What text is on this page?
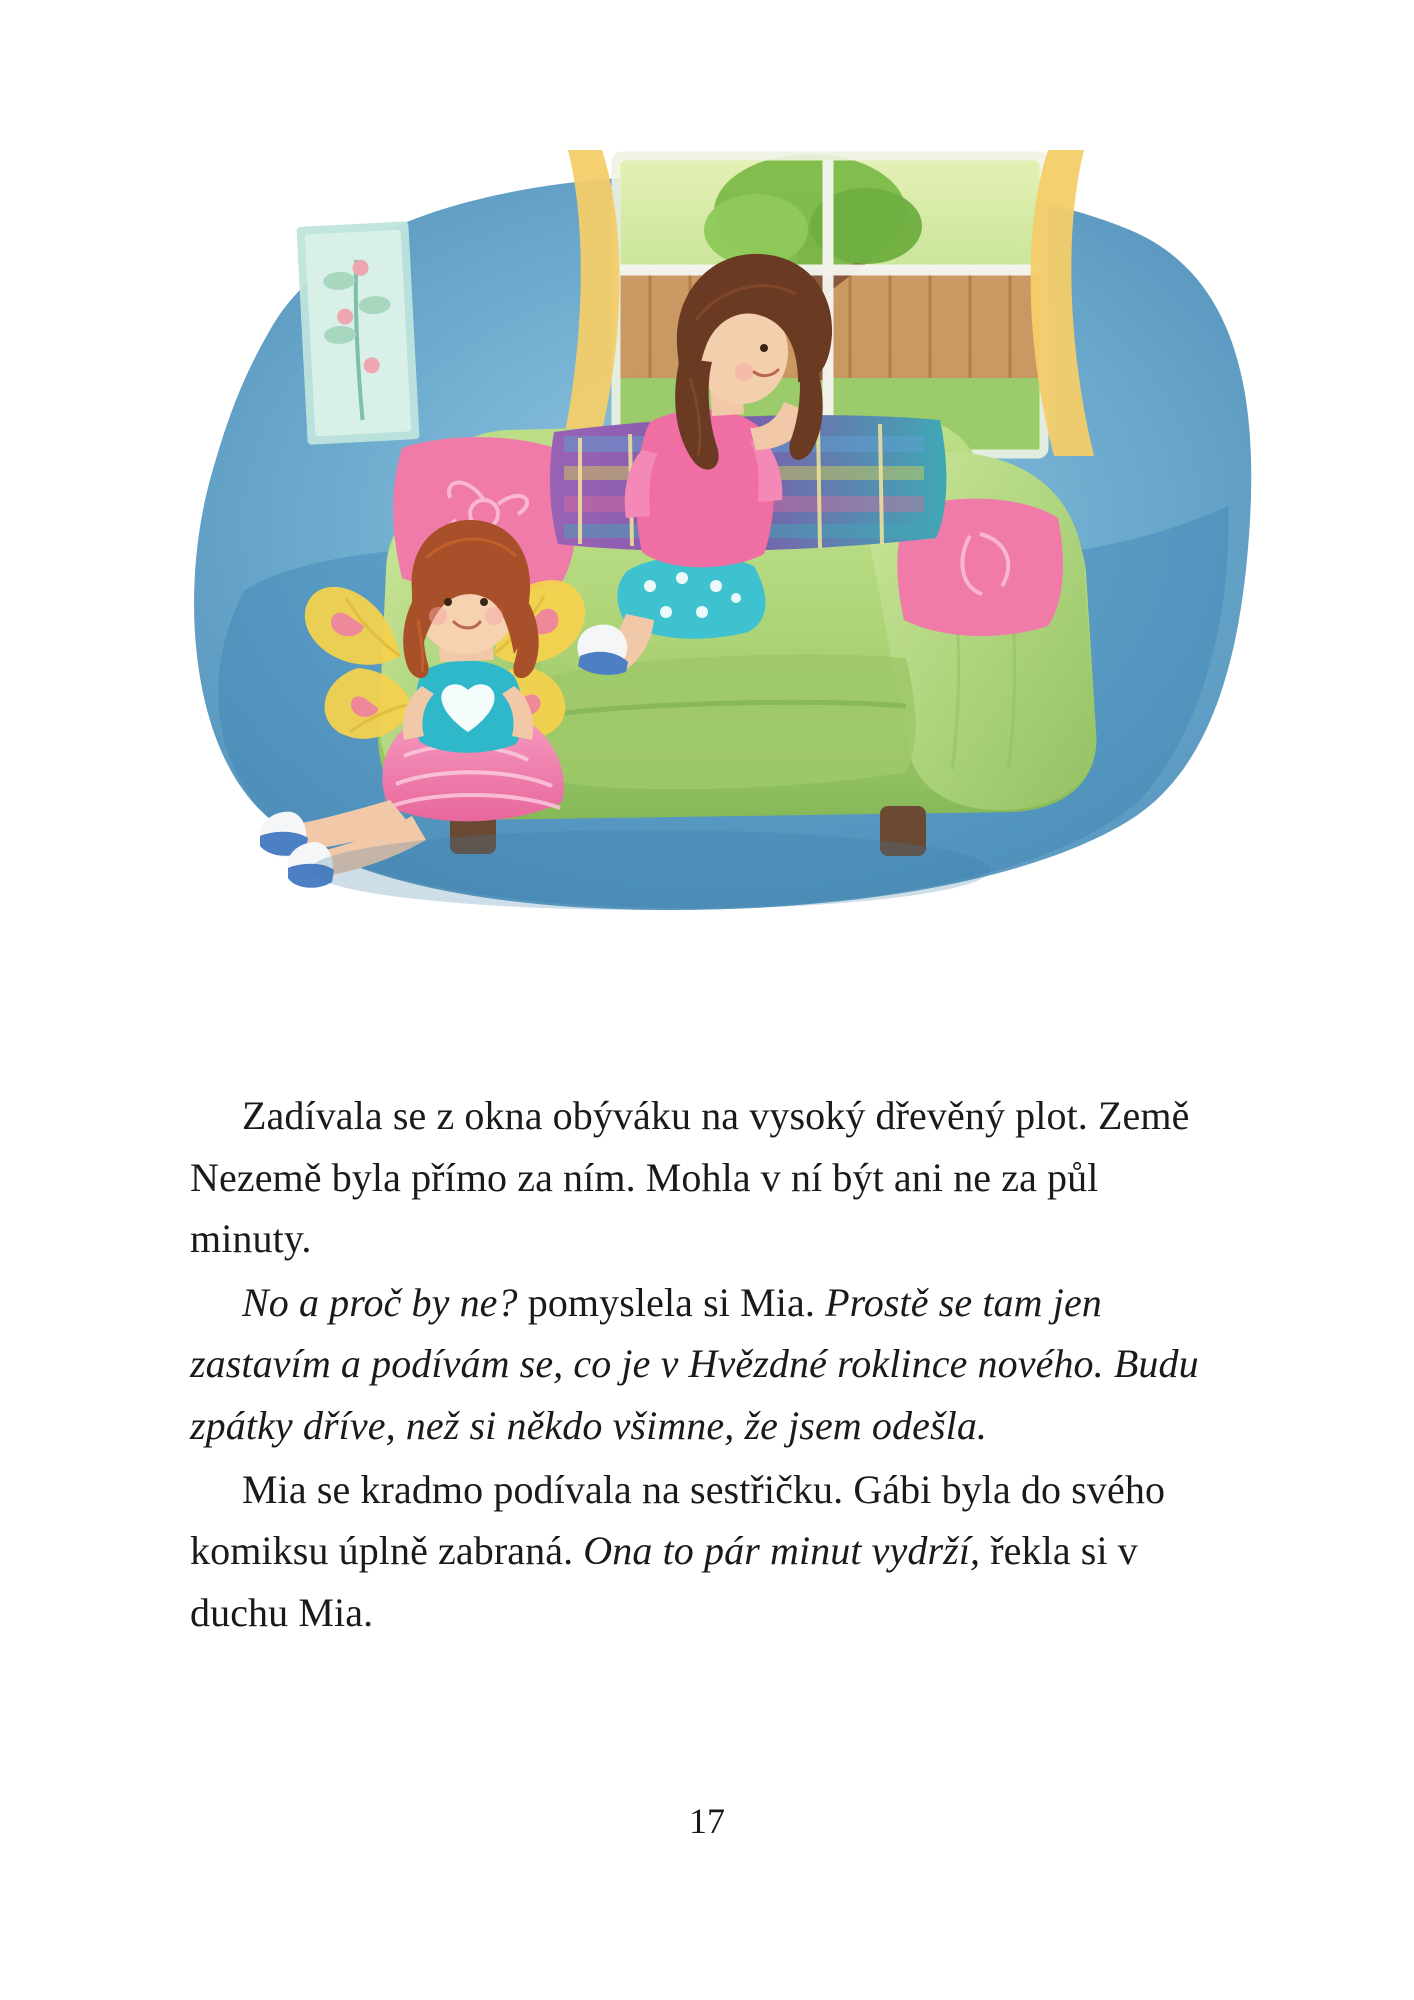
Zadívala se z okna obýváku na vysoký dřevěný plot. Země Nezemě byla přímo za ním. Mohla v ní být ani ne za půl minuty.

No a proč by ne? pomyslela si Mia. Prostě se tam jen zastavím a podívám se, co je v Hvězdné roklince nového. Budu zpátky dříve, než si někdo všimne, že jsem odešla.

Mia se kradmo podívala na sestřičku. Gábi byla do svého komiksu úplně zabraná. Ona to pár minut vydrží, řekla si v duchu Mia.

17
